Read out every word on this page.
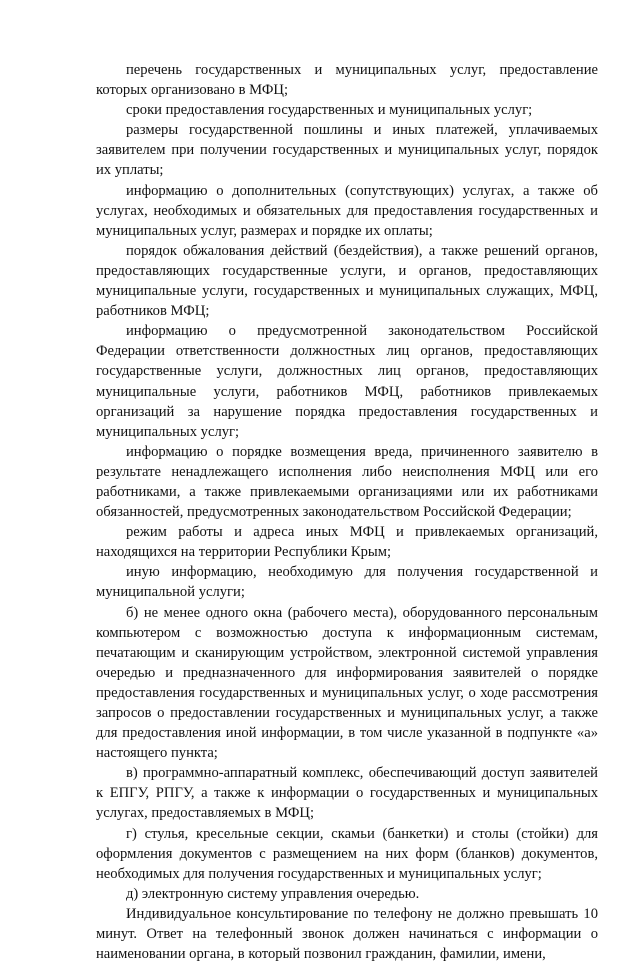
перечень государственных и муниципальных услуг, предоставление которых организовано в МФЦ;

сроки предоставления государственных и муниципальных услуг;

размеры государственной пошлины и иных платежей, уплачиваемых заявителем при получении государственных и муниципальных услуг, порядок их уплаты;

информацию о дополнительных (сопутствующих) услугах, а также об услугах, необходимых и обязательных для предоставления государственных и муниципальных услуг, размерах и порядке их оплаты;

порядок обжалования действий (бездействия), а также решений органов, предоставляющих государственные услуги, и органов, предоставляющих муниципальные услуги, государственных и муниципальных служащих, МФЦ, работников МФЦ;

информацию о предусмотренной законодательством Российской Федерации ответственности должностных лиц органов, предоставляющих государственные услуги, должностных лиц органов, предоставляющих муниципальные услуги, работников МФЦ, работников привлекаемых организаций за нарушение порядка предоставления государственных и муниципальных услуг;

информацию о порядке возмещения вреда, причиненного заявителю в результате ненадлежащего исполнения либо неисполнения МФЦ или его работниками, а также привлекаемыми организациями или их работниками обязанностей, предусмотренных законодательством Российской Федерации;

режим работы и адреса иных МФЦ и привлекаемых организаций, находящихся на территории Республики Крым;

иную информацию, необходимую для получения государственной и муниципальной услуги;

б) не менее одного окна (рабочего места), оборудованного персональным компьютером с возможностью доступа к информационным системам, печатающим и сканирующим устройством, электронной системой управления очередью и предназначенного для информирования заявителей о порядке предоставления государственных и муниципальных услуг, о ходе рассмотрения запросов о предоставлении государственных и муниципальных услуг, а также для предоставления иной информации, в том числе указанной в подпункте «а» настоящего пункта;

в) программно-аппаратный комплекс, обеспечивающий доступ заявителей к ЕПГУ, РПГУ, а также к информации о государственных и муниципальных услугах, предоставляемых в МФЦ;

г) стулья, кресельные секции, скамьи (банкетки) и столы (стойки) для оформления документов с размещением на них форм (бланков) документов, необходимых для получения государственных и муниципальных услуг;

д) электронную систему управления очередью.

Индивидуальное консультирование по телефону не должно превышать 10 минут. Ответ на телефонный звонок должен начинаться с информации о наименовании органа, в который позвонил гражданин, фамилии, имени,
